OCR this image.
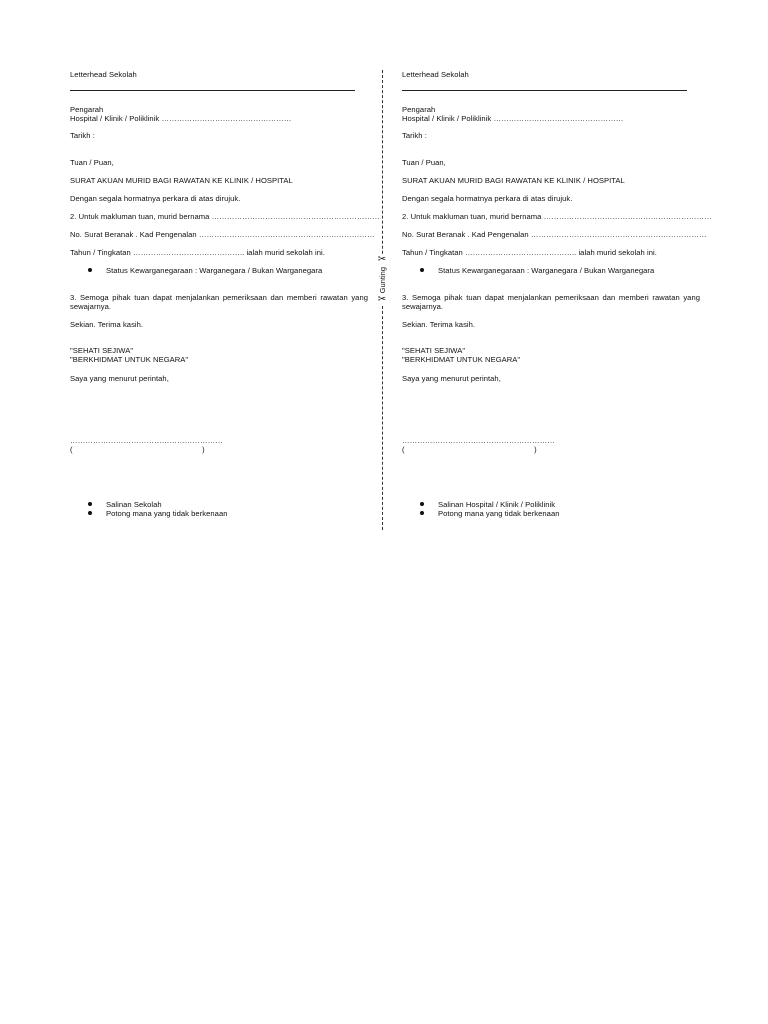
Letterhead Sekolah
Pengarah
Hospital / Klinik / Poliklinik ……………………………………………
Tarikh :
Tuan / Puan,
SURAT AKUAN MURID BAGI RAWATAN KE KLINIK / HOSPITAL
Dengan segala hormatnya perkara di atas dirujuk.
2. Untuk makluman tuan, murid bernama …………………………………………………………
No. Surat Beranak . Kad Pengenalan ……………………………………………………………
Tahun / Tingkatan …………………………………….. ialah murid sekolah ini.
Status Kewarganegaraan : Warganegara / Bukan Warganegara
3. Semoga pihak tuan dapat menjalankan pemeriksaan dan memberi rawatan yang sewajarnya.
Sekian. Terima kasih.
"SEHATI SEJIWA"
"BERKHIDMAT UNTUK NEGARA"
Saya yang menurut perintah,
……………………………………………………
(                                                            )
Salinan Sekolah
Potong mana yang tidak berkenaan
✂
Gunting
✂
Letterhead Sekolah
Pengarah
Hospital / Klinik / Poliklinik ……………………………………………
Tarikh :
Tuan / Puan,
SURAT AKUAN MURID BAGI RAWATAN KE KLINIK / HOSPITAL
Dengan segala hormatnya perkara di atas dirujuk.
2. Untuk makluman tuan, murid bernama …………………………………………………………
No. Surat Beranak . Kad Pengenalan ……………………………………………………………
Tahun / Tingkatan …………………………………….. ialah murid sekolah ini.
Status Kewarganegaraan : Warganegara / Bukan Warganegara
3. Semoga pihak tuan dapat menjalankan pemeriksaan dan memberi rawatan yang sewajarnya.
Sekian. Terima kasih.
"SEHATI SEJIWA"
"BERKHIDMAT UNTUK NEGARA"
Saya yang menurut perintah,
……………………………………………………
(                                                            )
Salinan Hospital / Klinik / Poliklinik
Potong mana yang tidak berkenaan
